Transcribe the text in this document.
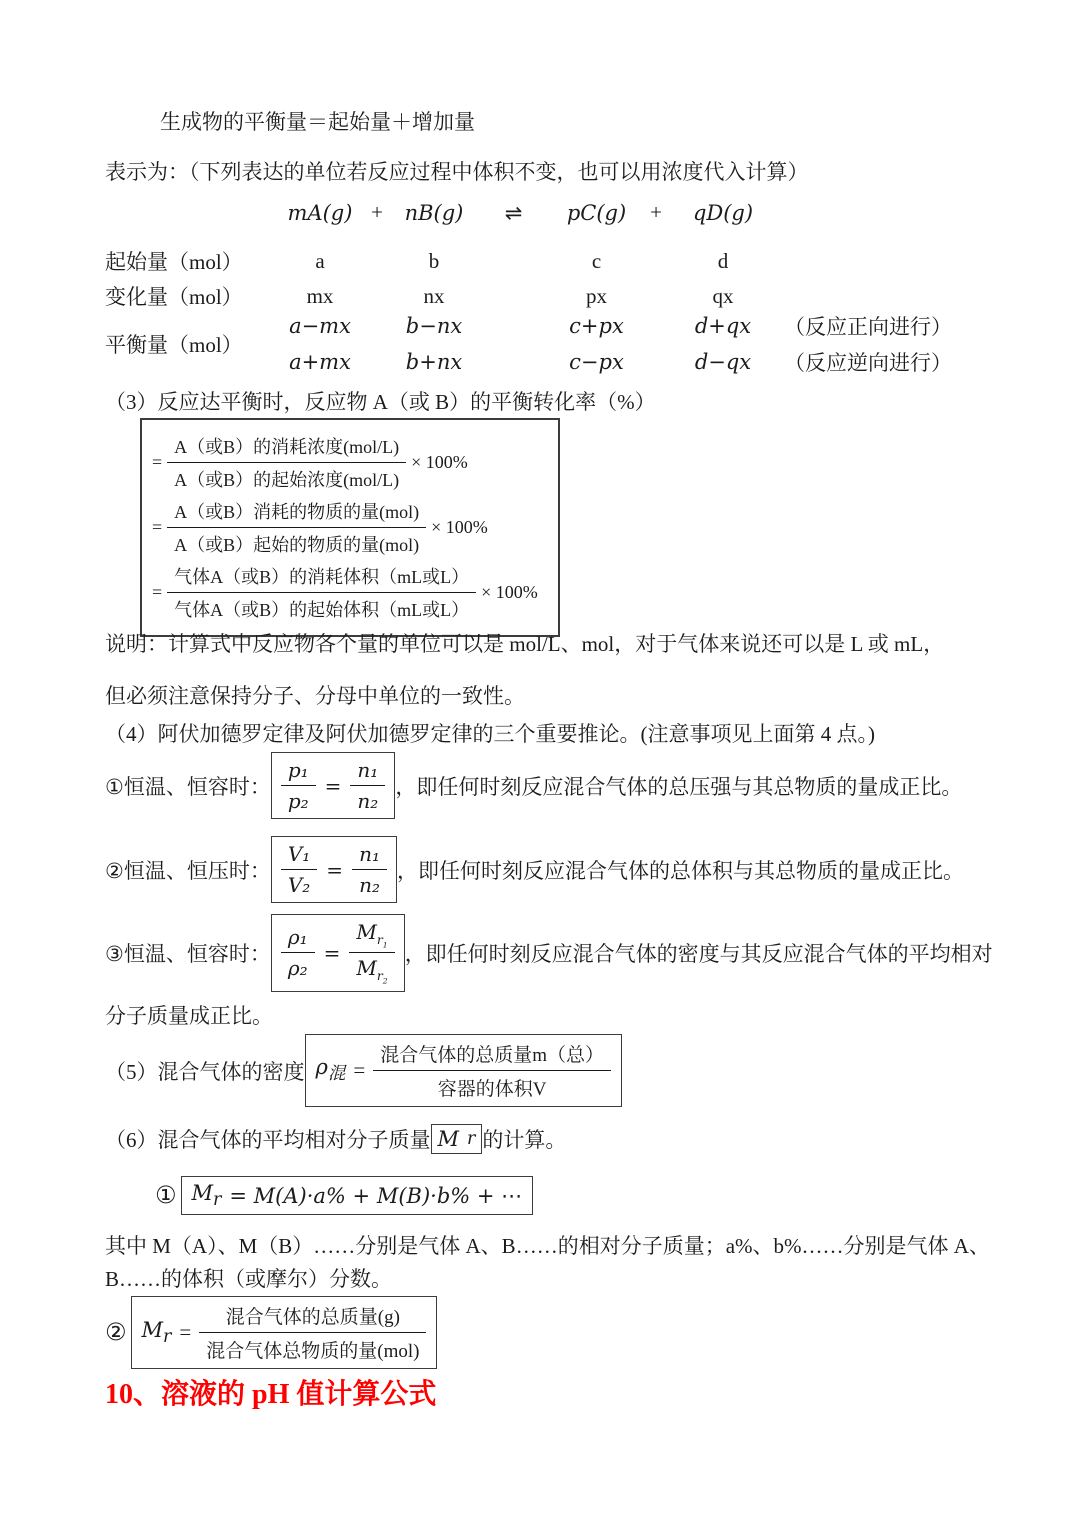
生成物的平衡量＝起始量＋增加量

表示为：（下列表达的单位若反应过程中体积不变，也可以用浓度代入计算）

mA(g) +	nB(g)	⇌	pC(g)	+	qD(g)
起始量（mol）	a	b	c	d
变化量（mol）	mx	nx	px	qx
平衡量（mol）
a−mx	b−nx	c+px	d+qx	（反应正向进行）
a+mx	b+nx	c−px	d−qx	（反应逆向进行）

（3）反应达平衡时，反应物 A（或 B）的平衡转化率（%）

= $\frac{\text{A（或B）的消耗浓度(mol/L)}}{\text{A（或B）的起始浓度(mol/L)}} \times 100\%$
= $\frac{\text{A（或B）消耗的物质的量(mol)}}{\text{A（或B）起始的物质的量(mol)}} \times 100\%$
= $\frac{\text{气体A（或B）的消耗体积（mL或L）}}{\text{气体A（或B）的起始体积（mL或L）}} \times 100\%$

说明：计算式中反应物各个量的单位可以是 mol/L、mol，对于气体来说还可以是 L 或 mL，

但必须注意保持分子、分母中单位的一致性。

（4）阿伏加德罗定律及阿伏加德罗定律的三个重要推论。(注意事项见上面第 4 点。)

①恒温、恒容时： $\frac{\text{p₁}}{\text{p₂}} = \frac{\text{n₁}}{\text{n₂}}$ ，即任何时刻反应混合气体的总压强与其总物质的量成正比。
②恒温、恒压时： $\frac{\text{V₁}}{\text{V₂}} = \frac{\text{n₁}}{\text{n₂}}$ ，即任何时刻反应混合气体的总体积与其总物质的量成正比。
③恒温、恒容时： $\frac{\text{ρ₁}}{\text{ρ₂}} = \frac{M_{r_1}}{M_{r_2}}$ ，即任何时刻反应混合气体的密度与其反应混合气体的平均相对

分子质量成正比。

（5）混合气体的密度 $\rho_混 = \frac{\text{混合气体的总质量m（总）}}{\text{容器的体积V}}$
（6）混合气体的平均相对分子质量 M r 的计算。
① $M_r = M(A)\cdot a\% + M(B)\cdot b\%$ + ⋯

其中 M（A）、M（B）……分别是气体 A、B……的相对分子质量；a%、b%……分别是气体 A、B……的体积（或摩尔）分数。

② $M_r = \frac{\text{混合气体的总质量(g)}}{\text{混合气体总物质的量(mol)}}$
10、溶液的 pH 值计算公式
